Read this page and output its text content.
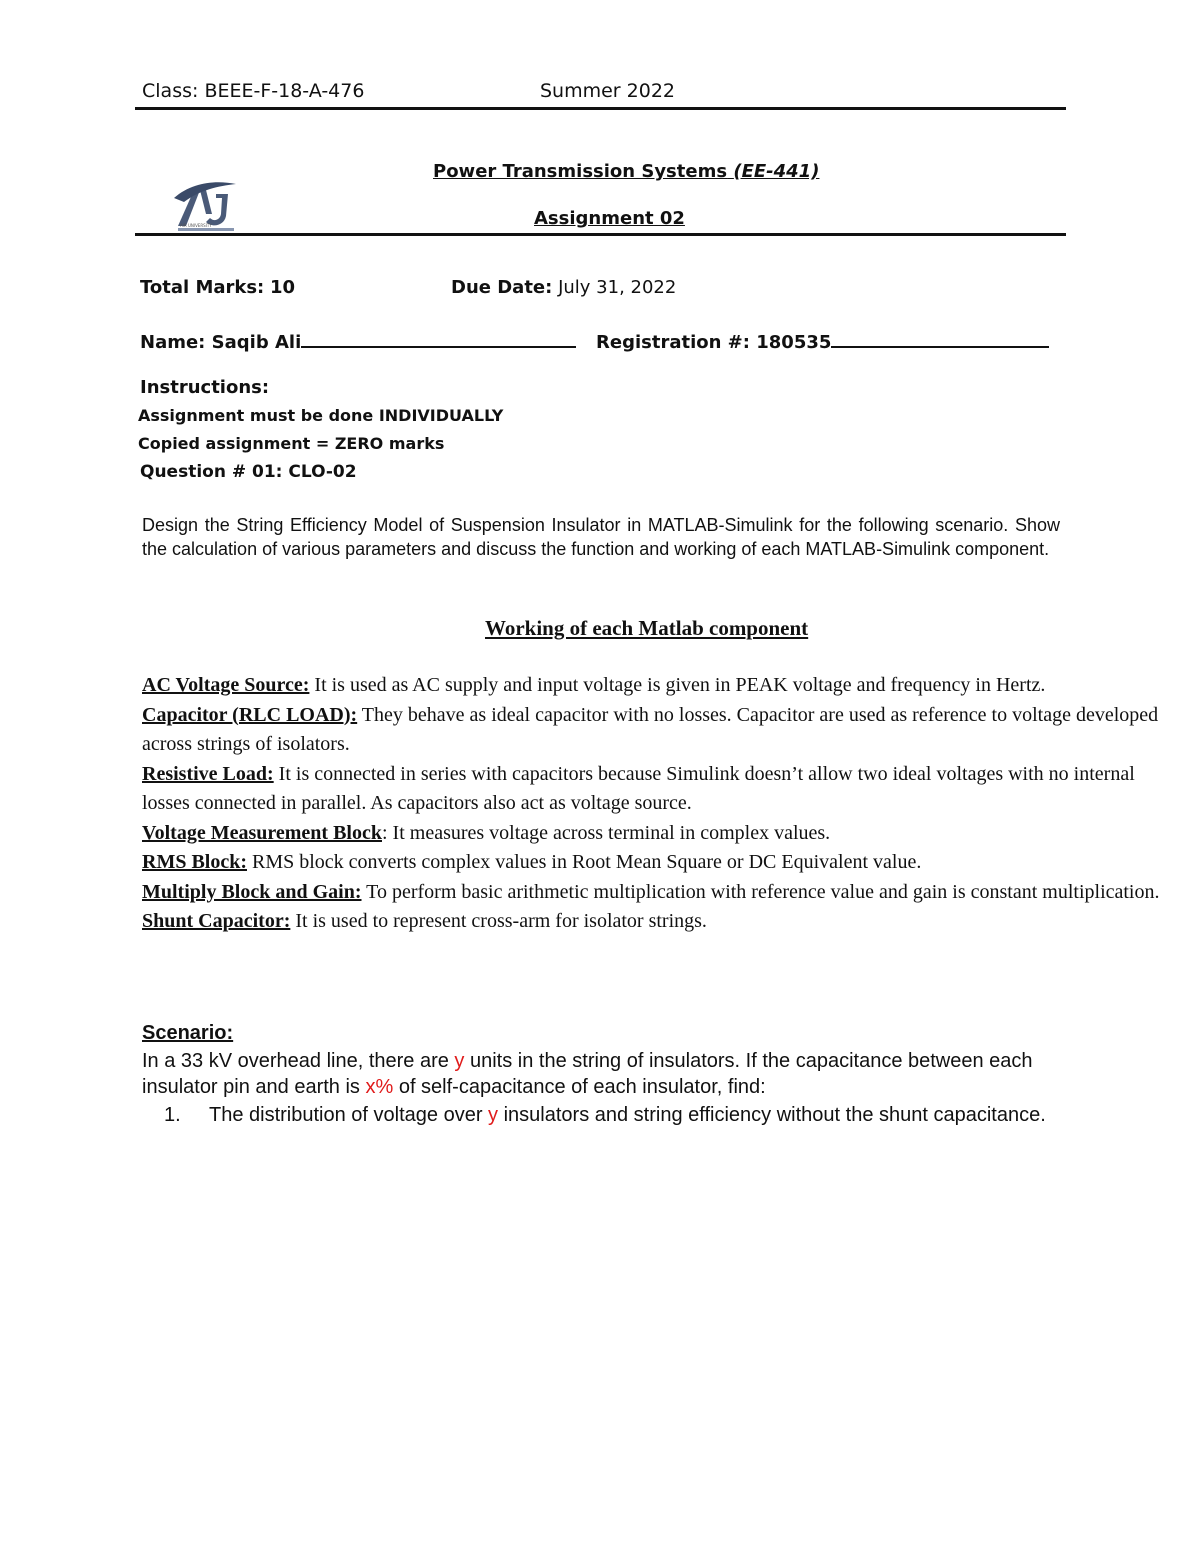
Class: BEEE-F-18-A-476	Summer 2022
AIR UNIVERSITY
Power Transmission Systems (EE-441)
Assignment 02
Total Marks: 10	Due Date: July 31, 2022
Name: Saqib Ali	Registration #: 180535
Instructions:
Assignment must be done INDIVIDUALLY
Copied assignment = ZERO marks
Question # 01: CLO-02
Design the String Efficiency Model of Suspension Insulator in MATLAB-Simulink for the following scenario. Show the calculation of various parameters and discuss the function and working of each MATLAB-Simulink component.
Working of each Matlab component

AC Voltage Source: It is used as AC supply and input voltage is given in PEAK voltage and frequency in Hertz.

Capacitor (RLC LOAD): They behave as ideal capacitor with no losses. Capacitor are used as reference to voltage developed across strings of isolators.

Resistive Load: It is connected in series with capacitors because Simulink doesn’t allow two ideal voltages with no internal losses connected in parallel. As capacitors also act as voltage source.

Voltage Measurement Block: It measures voltage across terminal in complex values.

RMS Block: RMS block converts complex values in Root Mean Square or DC Equivalent value.

Multiply Block and Gain: To perform basic arithmetic multiplication with reference value and gain is constant multiplication.

Shunt Capacitor: It is used to represent cross-arm for isolator strings.

Scenario:
In a 33 kV overhead line, there are y units in the string of insulators. If the capacitance between each insulator pin and earth is x% of self-capacitance of each insulator, find:
1. The distribution of voltage over y insulators and string efficiency without the shunt capacitance.
